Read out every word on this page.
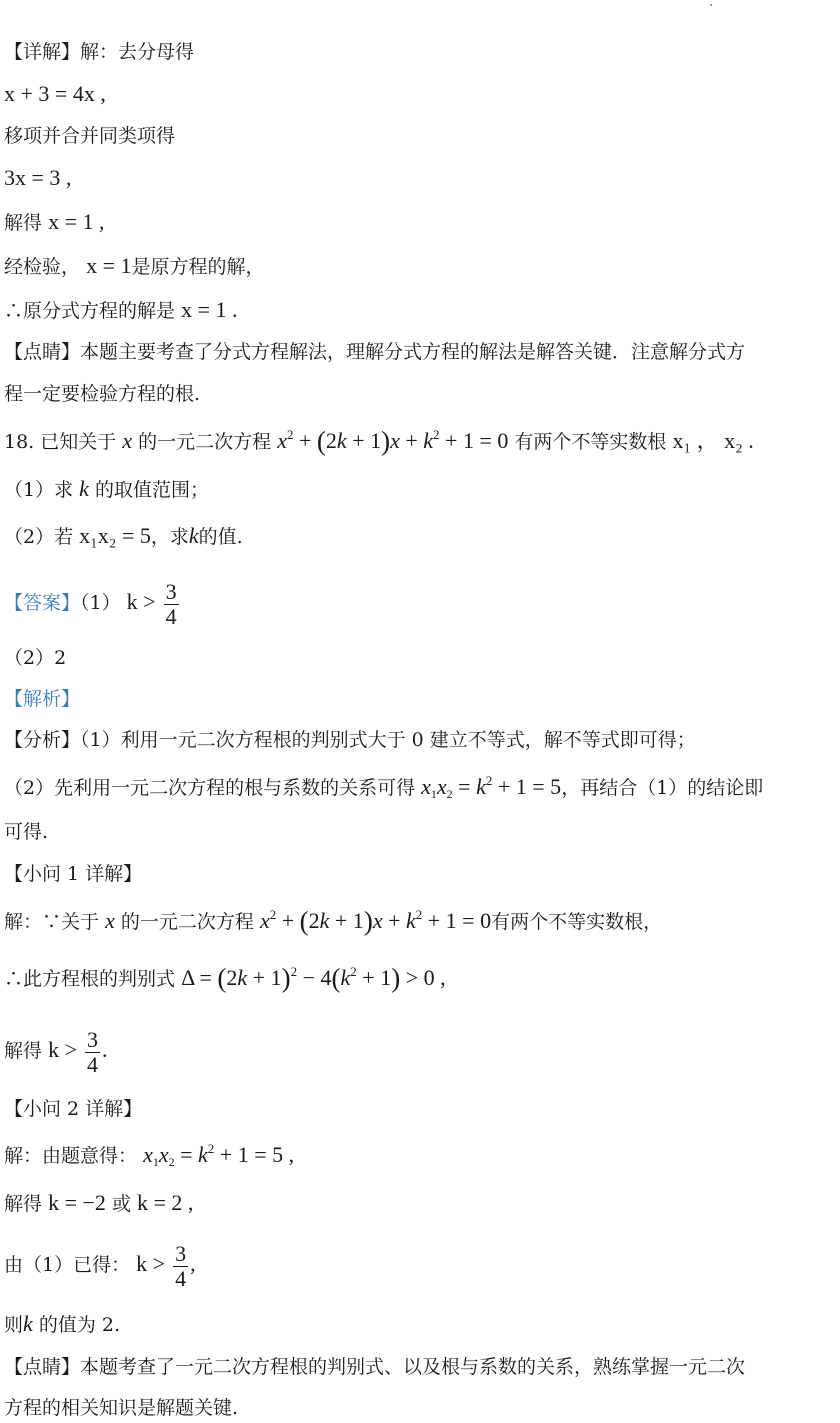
【详解】解：去分母得
x + 3 = 4x ,
移项并合并同类项得
3x = 3 ,
解得 x = 1 ,
经检验， x = 1是原方程的解，
∴原分式方程的解是 x = 1 .
【点睛】本题主要考查了分式方程解法，理解分式方程的解法是解答关键．注意解分式方
程一定要检验方程的根.
18. 已知关于 x 的一元二次方程 $x^2 + (2k + 1)x + k^2 + 1 = 0$ 有两个不等实数根 x₁ ， x₂ .
（1）求 k 的取值范围；
（2）若 x₁x₂ = 5，求k的值.
【答案】（1） $k > \frac{3}{4}$
（2）2
【解析】
【分析】（1）利用一元二次方程根的判别式大于 0 建立不等式，解不等式即可得；
（2）先利用一元二次方程的根与系数的关系可得 $x_1x_2 = k^2 + 1 = 5$，再结合（1）的结论即
可得.
【小问 1 详解】
解：∵关于 x 的一元二次方程 $x^2 + (2k + 1)x + k^2 + 1 = 0$有两个不等实数根，
∴此方程根的判别式 $\Delta = (2k + 1)^2 - 4(k^2 + 1) > 0$ ,
解得 $k > \frac{3}{4}$ .
【小问 2 详解】
解：由题意得： $x_1x_2 = k^2 + 1 = 5$ ,
解得 k = −2 或 k = 2 ,
由（1）已得： $k > \frac{3}{4}$ ,
则k 的值为 2.
【点睛】本题考查了一元二次方程根的判别式、以及根与系数的关系，熟练掌握一元二次
方程的相关知识是解题关键.
